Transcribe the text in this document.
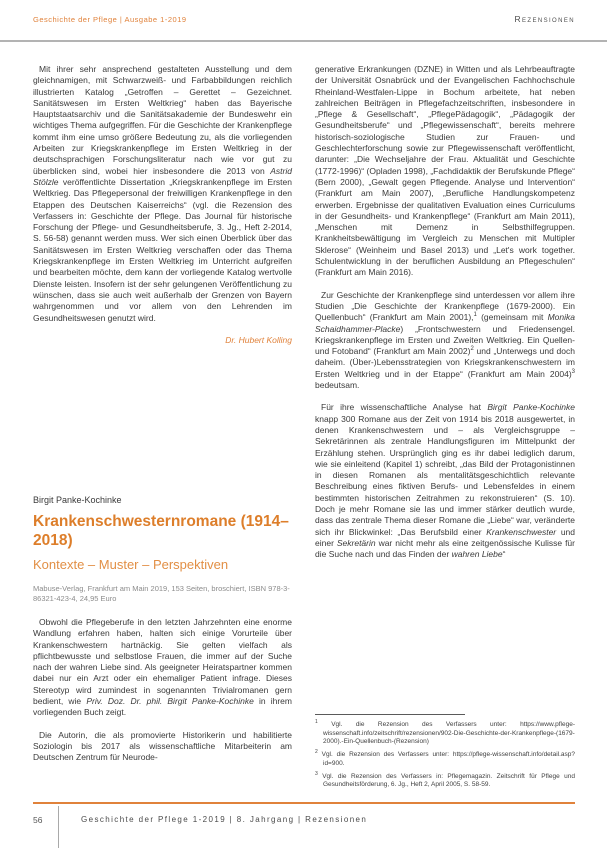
Geschichte der Pflege | Ausgabe 1-2019	Rezensionen

Mit ihrer sehr ansprechend gestalteten Ausstellung und dem gleichnamigen, mit Schwarzweiß- und Farbabbildungen reichlich illustrierten Katalog „Getroffen – Gerettet – Gezeichnet. Sanitätswesen im Ersten Weltkrieg“ haben das Bayerische Hauptstaatsarchiv und die Sanitätsakademie der Bundeswehr ein wichtiges Thema aufgegriffen. Für die Geschichte der Krankenpflege kommt ihm eine umso größere Bedeutung zu, als die vorliegenden Arbeiten zur Kriegskrankenpflege im Ersten Weltkrieg in der deutschsprachigen Forschungsliteratur nach wie vor gut zu überblicken sind, wobei hier insbesondere die 2013 von Astrid Stölzle veröffentlichte Dissertation „Kriegskrankenpflege im Ersten Weltkrieg. Das Pflegepersonal der freiwilligen Krankenpflege in den Etappen des Deutschen Kaiserreichs“ (vgl. die Rezension des Verfassers in: Geschichte der Pflege. Das Journal für historische Forschung der Pflege- und Gesundheitsberufe, 3. Jg., Heft 2-2014, S. 56-58) genannt werden muss. Wer sich einen Überblick über das Sanitätswesen im Ersten Weltkrieg verschaffen oder das Thema Kriegskrankenpflege im Ersten Weltkrieg im Unterricht aufgreifen und bearbeiten möchte, dem kann der vorliegende Katalog wertvolle Dienste leisten. Insofern ist der sehr gelungenen Veröffentlichung zu wünschen, dass sie auch weit außerhalb der Grenzen von Bayern wahrgenommen und vor allem von den Lehrenden im Gesundheitswesen genutzt wird.

Dr. Hubert Kolling
Birgit Panke-Kochinke
Krankenschwesternromane (1914–2018)
Kontexte – Muster – Perspektiven
Mabuse-Verlag, Frankfurt am Main 2019, 153 Seiten, broschiert, ISBN 978-3-86321-423-4, 24,95 Euro

Obwohl die Pflegeberufe in den letzten Jahrzehnten eine enorme Wandlung erfahren haben, halten sich einige Vorurteile über Krankenschwestern hartnäckig. Sie gelten vielfach als pflichtbewusste und selbstlose Frauen, die immer auf der Suche nach der wahren Liebe sind. Als geeigneter Heiratspartner kommen dabei nur ein Arzt oder ein ehemaliger Patient infrage. Dieses Stereotyp wird zumindest in sogenannten Trivialromanen gern bedient, wie Priv. Doz. Dr. phil. Birgit Panke-Kochinke in ihrem vorliegenden Buch zeigt.

Die Autorin, die als promovierte Historikerin und habilitierte Soziologin bis 2017 als wissenschaftliche Mitarbeiterin am Deutschen Zentrum für Neurode-

generative Erkrankungen (DZNE) in Witten und als Lehrbeauftragte der Universität Osnabrück und der Evangelischen Fachhochschule Rheinland-Westfalen-Lippe in Bochum arbeitete, hat neben zahlreichen Beiträgen in Pflegefachzeitschriften, insbesondere in „Pflege & Gesellschaft“, „PflegePädagogik“, „Pädagogik der Gesundheitsberufe“ und „Pflegewissenschaft“, bereits mehrere historisch-soziologische Studien zur Frauen- und Geschlechterforschung sowie zur Pflegewissenschaft veröffentlicht, darunter: „Die Wechseljahre der Frau. Aktualität und Geschichte (1772-1996)“ (Opladen 1998), „Fachdidaktik der Berufskunde Pflege“ (Bern 2000), „Gewalt gegen Pflegende. Analyse und Intervention“ (Frankfurt am Main 2007), „Berufliche Handlungskompetenz erwerben. Ergebnisse der qualitativen Evaluation eines Curriculums in der Gesundheits- und Krankenpflege“ (Frankfurt am Main 2011), „Menschen mit Demenz in Selbsthilfegruppen. Krankheitsbewältigung im Vergleich zu Menschen mit Multipler Sklerose“ (Weinheim und Basel 2013) und „Let's work together. Schulentwicklung in der beruflichen Ausbildung an Pflegeschulen“ (Frankfurt am Main 2016).

Zur Geschichte der Krankenpflege sind unterdessen vor allem ihre Studien „Die Geschichte der Krankenpflege (1679-2000). Ein Quellenbuch“ (Frankfurt am Main 2001),$^1$ (gemeinsam mit Monika Schaidhammer-Placke) „Frontschwestern und Friedensengel. Kriegskrankenpflege im Ersten und Zweiten Weltkrieg. Ein Quellen- und Fotoband“ (Frankfurt am Main 2002)$^2$ und „Unterwegs und doch daheim. (Über-)Lebensstrategien von Kriegskrankenschwestern im Ersten Weltkrieg und in der Etappe“ (Frankfurt am Main 2004)$^3$ bedeutsam.

Für ihre wissenschaftliche Analyse hat Birgit Panke-Kochinke knapp 300 Romane aus der Zeit von 1914 bis 2018 ausgewertet, in denen Krankenschwestern und – als Vergleichsgruppe – Sekretärinnen als zentrale Handlungsfiguren im Mittelpunkt der Erzählung stehen. Ursprünglich ging es ihr dabei lediglich darum, wie sie einleitend (Kapitel 1) schreibt, „das Bild der Protagonistinnen in diesen Romanen als mentalitätsgeschichtlich relevante Beschreibung eines fiktiven Berufs- und Lebensfeldes in einem bestimmten historischen Zeitrahmen zu rekonstruieren“ (S. 10). Doch je mehr Romane sie las und immer stärker deutlich wurde, dass das zentrale Thema dieser Romane die „Liebe“ war, veränderte sich ihr Blickwinkel: „Das Berufsbild einer Krankenschwester und einer Sekretärin war nicht mehr als eine zeitgenössische Kulisse für die Suche nach und das Finden der wahren Liebe“

$^1$ Vgl. die Rezension des Verfassers unter: https://www.pflege-wissenschaft.info/zeitschrift/rezensionen/902-Die-Geschichte-der-Krankenpflege-(1679-2000).-Ein-Quellenbuch-(Rezension)
$^2$ Vgl. die Rezension des Verfassers unter: https://pflege-wissenschaft.info/detail.asp?id=900.
$^3$ Vgl. die Rezension des Verfassers in: Pflegemagazin. Zeitschrift für Pflege und Gesundheitsförderung, 6. Jg., Heft 2, April 2005, S. 58-59.
56	Geschichte der Pflege 1-2019 | 8. Jahrgang | Rezensionen
